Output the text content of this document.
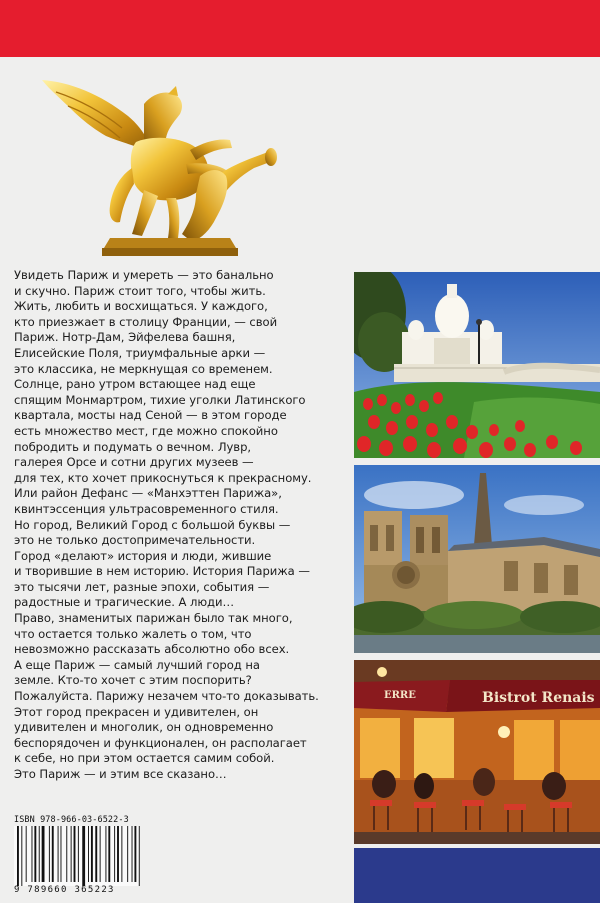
Увидеть Париж и умереть — это банально

и скучно. Париж стоит того, чтобы жить.

Жить, любить и восхищаться. У каждого,

кто приезжает в столицу Франции, — свой

Париж. Нотр-Дам, Эйфелева башня,

Елисейские Поля, триумфальные арки —

это классика, не меркнущая со временем.

Солнце, рано утром встающее над еще

спящим Монмартром, тихие уголки Латинского

квартала, мосты над Сеной — в этом городе

есть множество мест, где можно спокойно

побродить и подумать о вечном. Лувр,

галерея Орсе и сотни других музеев —

для тех, кто хочет прикоснуться к прекрасному.

Или район Дефанс — «Манхэттен Парижа»,

квинтэссенция ультрасовременного стиля.

Но город, Великий Город с большой буквы —

это не только достопримечательности.

Город «делают» история и люди, жившие

и творившие в нем историю. История Парижа —

это тысячи лет, разные эпохи, события —

радостные и трагические. А люди…

Право, знаменитых парижан было так много,

что остается только жалеть о том, что

невозможно рассказать абсолютно обо всех.

А еще Париж — самый лучший город на

земле. Кто-то хочет с этим поспорить?

Пожалуйста. Парижу незачем что-то доказывать.

Этот город прекрасен и удивителен, он

удивителен и многолик, он одновременно

беспорядочен и функционален, он располагает

к себе, но при этом остается самим собой.

Это Париж — и этим все сказано…

ISBN 978-966-03-6522-3
9 789660 365223
Bistrot Renais
ERRE
